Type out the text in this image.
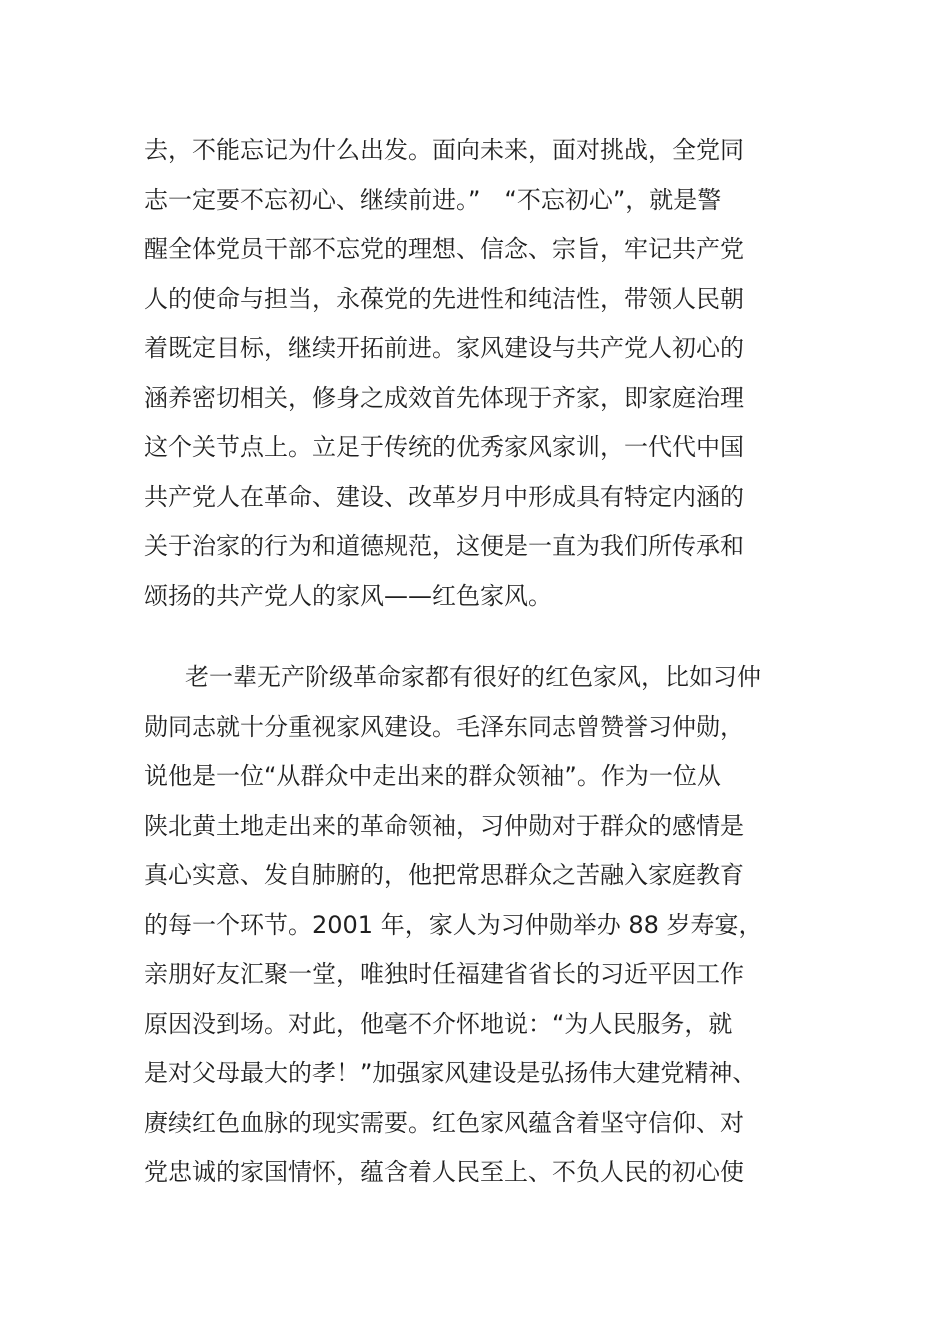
去，不能忘记为什么出发。面向未来，面对挑战，全党同
志一定要不忘初心、继续前进。”　“不忘初心”，就是警
醒全体党员干部不忘党的理想、信念、宗旨，牢记共产党
人的使命与担当，永葆党的先进性和纯洁性，带领人民朝
着既定目标，继续开拓前进。家风建设与共产党人初心的
涵养密切相关，修身之成效首先体现于齐家，即家庭治理
这个关节点上。立足于传统的优秀家风家训，一代代中国
共产党人在革命、建设、改革岁月中形成具有特定内涵的
关于治家的行为和道德规范，这便是一直为我们所传承和
颂扬的共产党人的家风——红色家风。
老一辈无产阶级革命家都有很好的红色家风，比如习仲
勋同志就十分重视家风建设。毛泽东同志曾赞誉习仲勋，
说他是一位“从群众中走出来的群众领袖”。作为一位从
陕北黄土地走出来的革命领袖，习仲勋对于群众的感情是
真心实意、发自肺腑的，他把常思群众之苦融入家庭教育
的每一个环节。2001 年，家人为习仲勋举办 88 岁寿宴，
亲朋好友汇聚一堂，唯独时任福建省省长的习近平因工作
原因没到场。对此，他毫不介怀地说：“为人民服务，就
是对父母最大的孝！”加强家风建设是弘扬伟大建党精神、
赓续红色血脉的现实需要。红色家风蕴含着坚守信仰、对
党忠诚的家国情怀，蕴含着人民至上、不负人民的初心使
